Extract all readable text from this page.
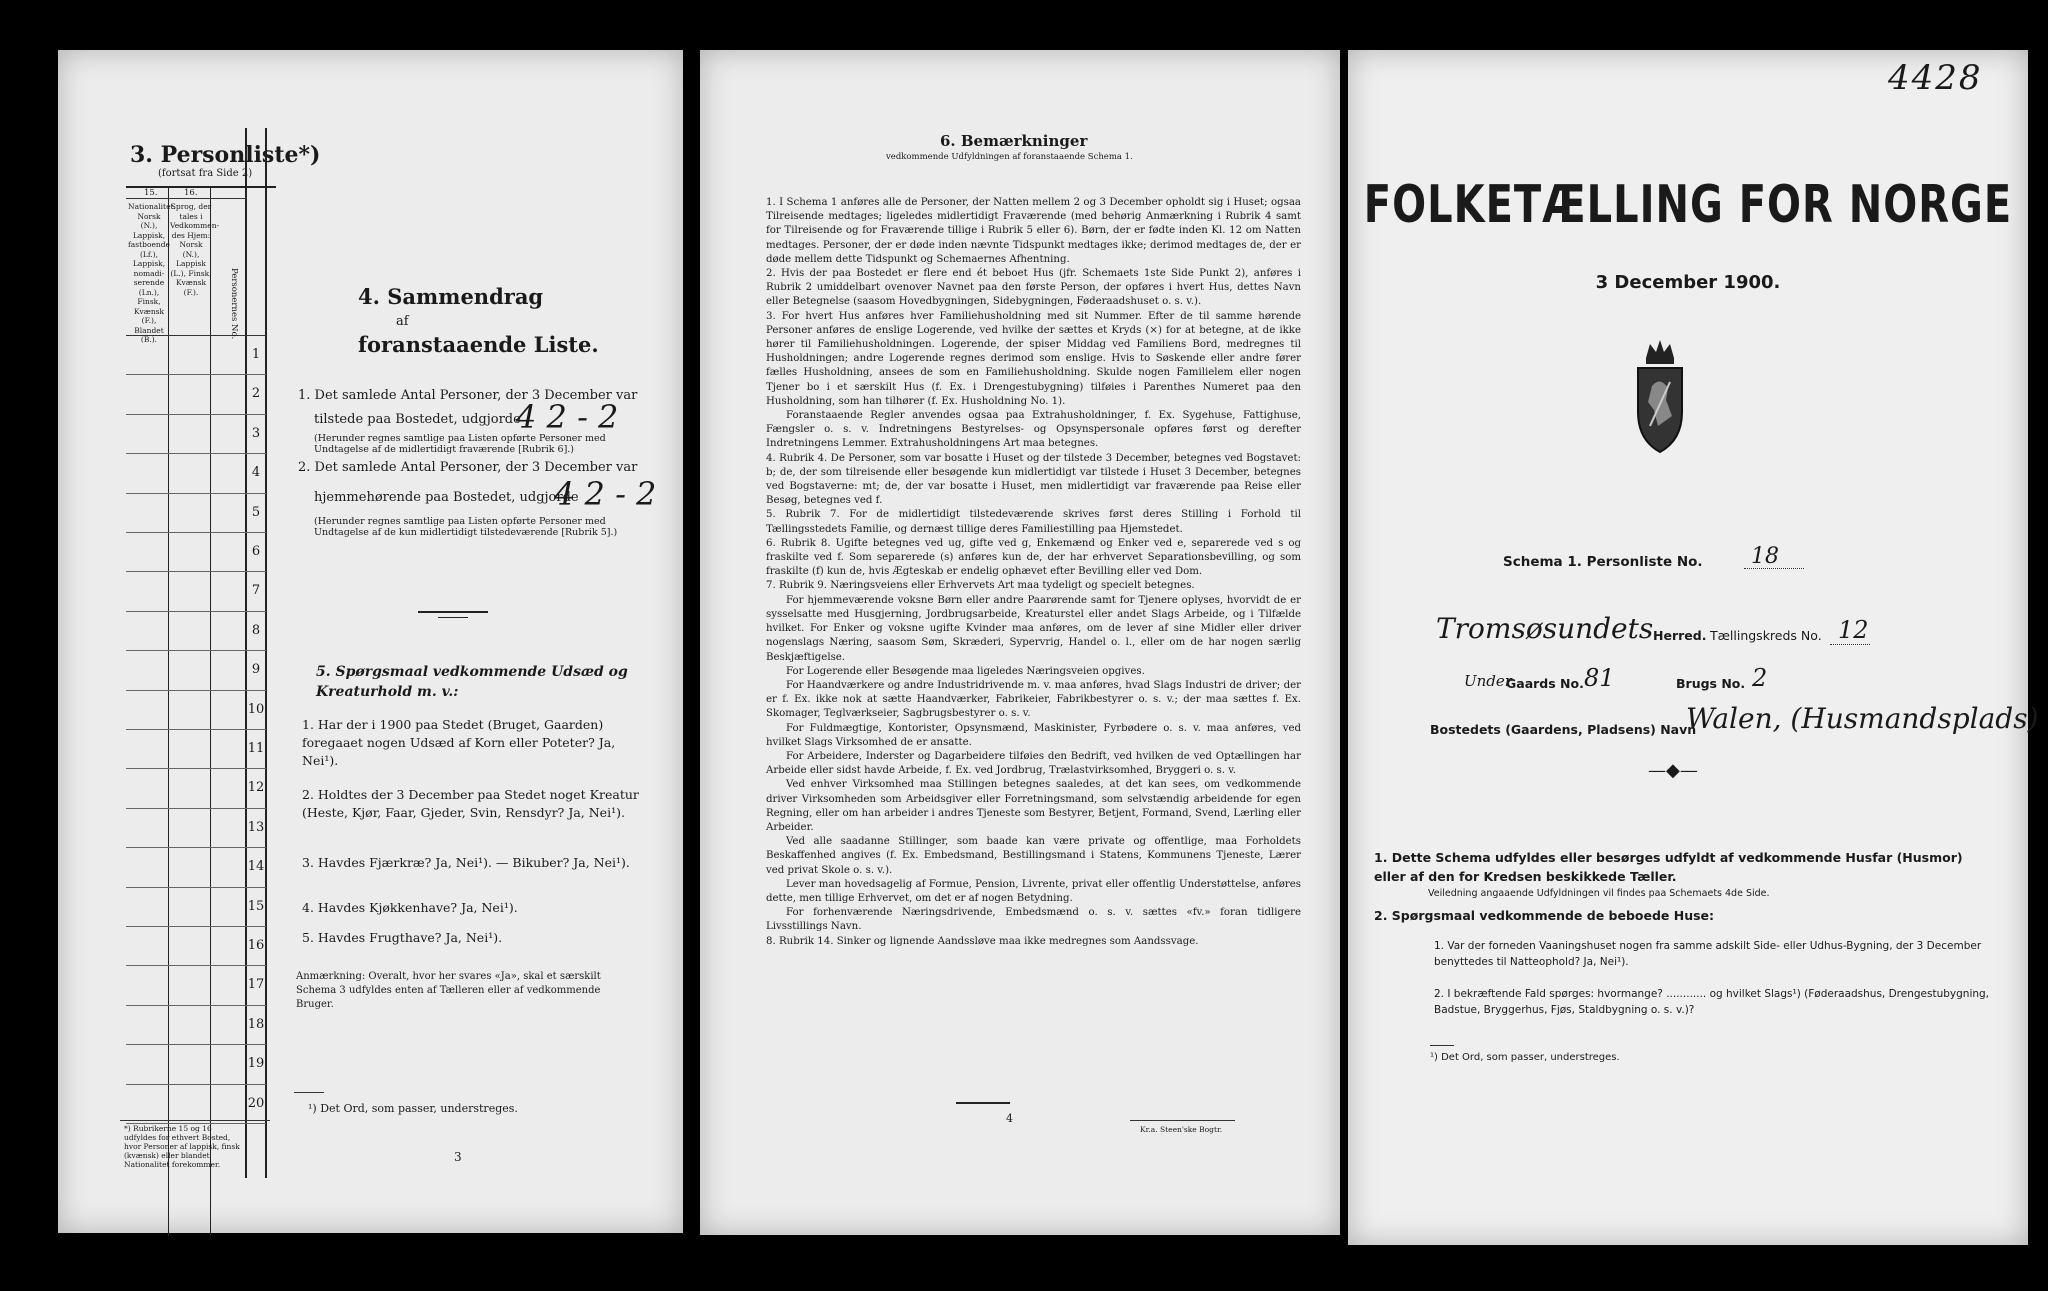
3. Personliste*)
(fortsat fra Side 2)
15.	16.
Nationalitet. Norsk (N.), Lappisk, fastboende (Lf.), Lappisk, nomadi- serende (Ln.), Finsk, Kvænsk (F.), Blandet (B.).
Sprog, der tales i Vedkommen- des Hjem: Norsk (N.), Lappisk (L.), Finsk, Kvænsk (F.).	Personernes No.
1
2
3
4
5
6
7
8
9
10
11
12
13
14
15
16
17
18
19
20
*) Rubrikerne 15 og 16 udfyldes for ethvert Bosted, hvor Personer af lappisk, finsk (kvænsk) eller blandet Nationalitet forekommer.
4. Sammendrag
af
foranstaaende Liste.
1. Det samlede Antal Personer, der 3 December var
tilstede paa Bostedet, udgjorde
4 2 - 2
(Herunder regnes samtlige paa Listen opførte Personer med Undtagelse af de midlertidigt fraværende [Rubrik 6].)
2. Det samlede Antal Personer, der 3 December var
hjemmehørende paa Bostedet, udgjorde
4 2 - 2
(Herunder regnes samtlige paa Listen opførte Personer med Undtagelse af de kun midlertidigt tilstedeværende [Rubrik 5].)
5. Spørgsmaal vedkommende Udsæd og Kreaturhold m. v.:
1. Har der i 1900 paa Stedet (Bruget, Gaarden) foregaaet nogen Udsæd af Korn eller Poteter? Ja, Nei¹).
2. Holdtes der 3 December paa Stedet noget Kreatur (Heste, Kjør, Faar, Gjeder, Svin, Rensdyr? Ja, Nei¹).
3. Havdes Fjærkræ? Ja, Nei¹). — Bikuber? Ja, Nei¹).
4. Havdes Kjøkkenhave? Ja, Nei¹).
5. Havdes Frugthave? Ja, Nei¹).
Anmærkning: Overalt, hvor her svares «Ja», skal et særskilt Schema 3 udfyldes enten af Tælleren eller af vedkommende Bruger.
¹) Det Ord, som passer, understreges.
3
6. Bemærkninger
vedkommende Udfyldningen af foranstaaende Schema 1.
1. I Schema 1 anføres alle de Personer, der Natten mellem 2 og 3 December opholdt sig i Huset; ogsaa Tilreisende medtages; ligeledes midlertidigt Fraværende (med behørig Anmærkning i Rubrik 4 samt for Tilreisende og for Fraværende tillige i Rubrik 5 eller 6). Børn, der er fødte inden Kl. 12 om Natten medtages. Personer, der er døde inden nævnte Tidspunkt medtages ikke; derimod medtages de, der er døde mellem dette Tidspunkt og Schemaernes Afhentning.
2. Hvis der paa Bostedet er flere end ét beboet Hus (jfr. Schemaets 1ste Side Punkt 2), anføres i Rubrik 2 umiddelbart ovenover Navnet paa den første Person, der opføres i hvert Hus, dettes Navn eller Betegnelse (saasom Hovedbygningen, Sidebygningen, Føderaadshuset o. s. v.).
3. For hvert Hus anføres hver Familiehusholdning med sit Nummer. Efter de til samme hørende Personer anføres de enslige Logerende, ved hvilke der sættes et Kryds (×) for at betegne, at de ikke hører til Familiehusholdningen. Logerende, der spiser Middag ved Familiens Bord, medregnes til Husholdningen; andre Logerende regnes derimod som enslige. Hvis to Søskende eller andre fører fælles Husholdning, ansees de som en Familiehusholdning. Skulde nogen Familielem eller nogen Tjener bo i et særskilt Hus (f. Ex. i Drengestubygning) tilføies i Parenthes Numeret paa den Husholdning, som han tilhører (f. Ex. Husholdning No. 1).
Foranstaaende Regler anvendes ogsaa paa Extrahusholdninger, f. Ex. Sygehuse, Fattighuse, Fængsler o. s. v. Indretningens Bestyrelses- og Opsynspersonale opføres først og derefter Indretningens Lemmer. Extrahusholdningens Art maa betegnes.
4. Rubrik 4. De Personer, som var bosatte i Huset og der tilstede 3 December, betegnes ved Bogstavet: b; de, der som tilreisende eller besøgende kun midlertidigt var tilstede i Huset 3 December, betegnes ved Bogstaverne: mt; de, der var bosatte i Huset, men midlertidigt var fraværende paa Reise eller Besøg, betegnes ved f.
5. Rubrik 7. For de midlertidigt tilstedeværende skrives først deres Stilling i Forhold til Tællingsstedets Familie, og dernæst tillige deres Familiestilling paa Hjemstedet.
6. Rubrik 8. Ugifte betegnes ved ug, gifte ved g, Enkemænd og Enker ved e, separerede ved s og fraskilte ved f. Som separerede (s) anføres kun de, der har erhvervet Separationsbevilling, og som fraskilte (f) kun de, hvis Ægteskab er endelig ophævet efter Bevilling eller ved Dom.
7. Rubrik 9. Næringsveiens eller Erhvervets Art maa tydeligt og specielt betegnes.
For hjemmeværende voksne Børn eller andre Paarørende samt for Tjenere oplyses, hvorvidt de er sysselsatte med Husgjerning, Jordbrugsarbeide, Kreaturstel eller andet Slags Arbeide, og i Tilfælde hvilket. For Enker og voksne ugifte Kvinder maa anføres, om de lever af sine Midler eller driver nogenslags Næring, saasom Søm, Skræderi, Sypervrig, Handel o. l., eller om de har nogen særlig Beskjæftigelse.
For Logerende eller Besøgende maa ligeledes Næringsveien opgives.
For Haandværkere og andre Industridrivende m. v. maa anføres, hvad Slags Industri de driver; der er f. Ex. ikke nok at sætte Haandværker, Fabrikeier, Fabrikbestyrer o. s. v.; der maa sættes f. Ex. Skomager, Teglværkseier, Sagbrugsbestyrer o. s. v.
For Fuldmægtige, Kontorister, Opsynsmænd, Maskinister, Fyrbødere o. s. v. maa anføres, ved hvilket Slags Virksomhed de er ansatte.
For Arbeidere, Inderster og Dagarbeidere tilføies den Bedrift, ved hvilken de ved Optællingen har Arbeide eller sidst havde Arbeide, f. Ex. ved Jordbrug, Trælastvirksomhed, Bryggeri o. s. v.
Ved enhver Virksomhed maa Stillingen betegnes saaledes, at det kan sees, om vedkommende driver Virksomheden som Arbeidsgiver eller Forretningsmand, som selvstændig arbeidende for egen Regning, eller om han arbeider i andres Tjeneste som Bestyrer, Betjent, Formand, Svend, Lærling eller Arbeider.
Ved alle saadanne Stillinger, som baade kan være private og offentlige, maa Forholdets Beskaffenhed angives (f. Ex. Embedsmand, Bestillingsmand i Statens, Kommunens Tjeneste, Lærer ved privat Skole o. s. v.).
Lever man hovedsagelig af Formue, Pension, Livrente, privat eller offentlig Understøttelse, anføres dette, men tillige Erhvervet, om det er af nogen Betydning.
For forhenværende Næringsdrivende, Embedsmænd o. s. v. sættes «fv.» foran tidligere Livsstillings Navn.
8. Rubrik 14. Sinker og lignende Aandssløve maa ikke medregnes som Aandssvage.
4
Kr.a. Steen'ske Bogtr.
4428
FOLKETÆLLING FOR NORGE
3 December 1900.
Schema 1. Personliste No. 18
Tromsøsundets Herred. Tællingskreds No. 12
Under
Gaards No. 81	Brugs No. 2
Bostedets (Gaardens, Pladsens) Navn
Walen, (Husmandsplads)
—◆—
1. Dette Schema udfyldes eller besørges udfyldt af vedkommende Husfar (Husmor) eller af den for Kredsen beskikkede Tæller.
Veiledning angaaende Udfyldningen vil findes paa Schemaets 4de Side.
2. Spørgsmaal vedkommende de beboede Huse:
1. Var der forneden Vaaningshuset nogen fra samme adskilt Side- eller Udhus-Bygning, der 3 December benyttedes til Natteophold? Ja, Nei¹).
2. I bekræftende Fald spørges: hvormange? ............ og hvilket Slags¹) (Føderaadshus, Drengestubygning, Badstue, Bryggerhus, Fjøs, Staldbygning o. s. v.)?
¹) Det Ord, som passer, understreges.
